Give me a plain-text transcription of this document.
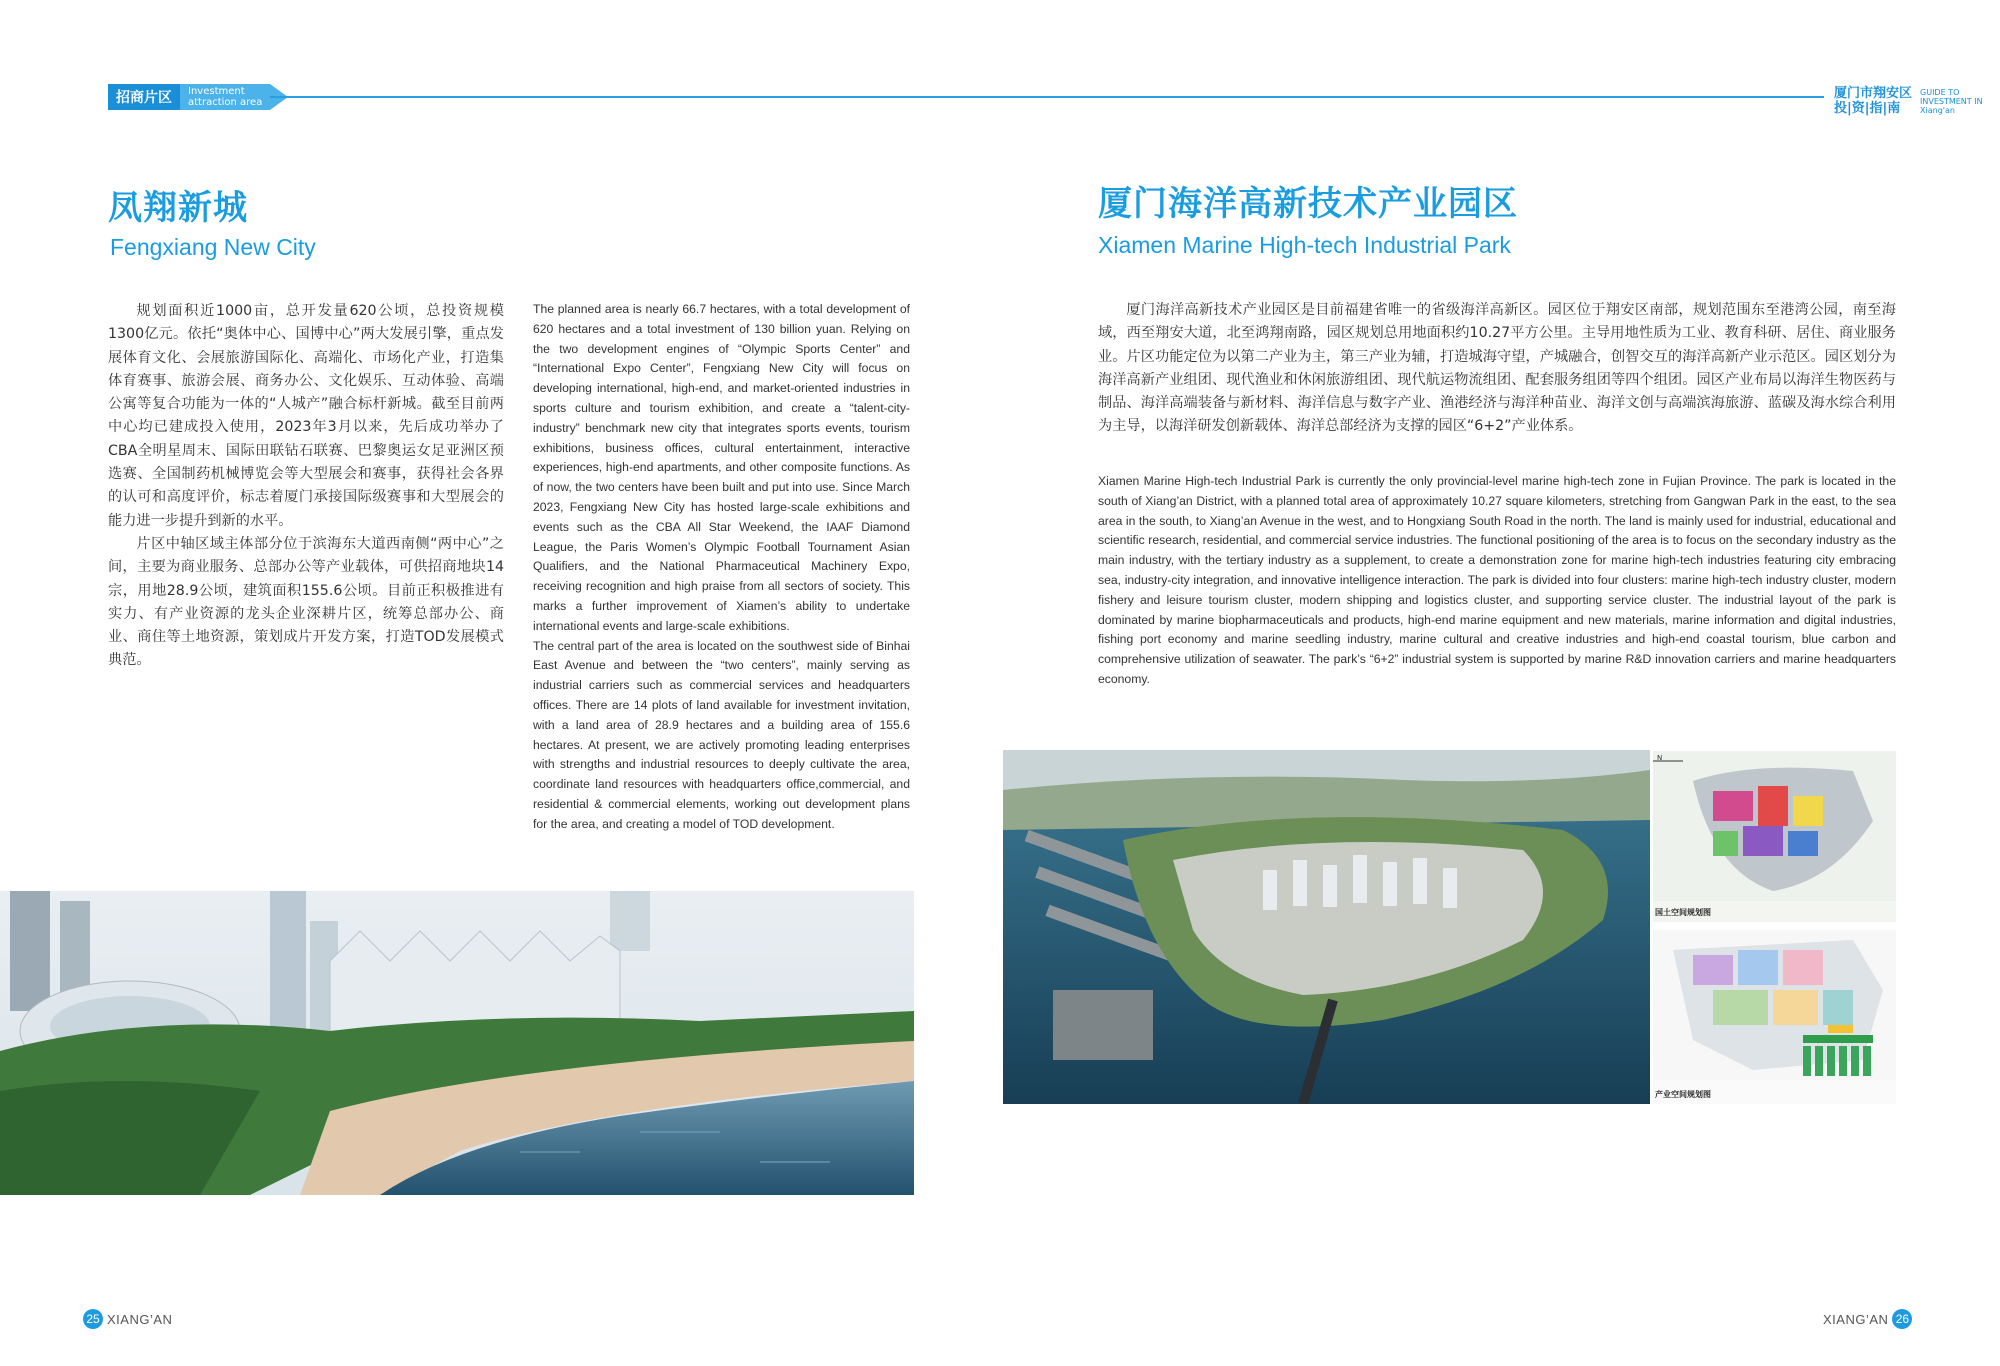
招商片区	Investment
attraction area
厦门市翔安区
投|资|指|南
GUIDE TO
INVESTMENT IN
Xiang'an
凤翔新城
Fengxiang New City

规划面积近1000亩，总开发量620公顷，总投资规模1300亿元。依托“奥体中心、国博中心”两大发展引擎，重点发展体育文化、会展旅游国际化、高端化、市场化产业，打造集体育赛事、旅游会展、商务办公、文化娱乐、互动体验、高端公寓等复合功能为一体的“人城产”融合标杆新城。截至目前两中心均已建成投入使用，2023年3月以来，先后成功举办了CBA全明星周末、国际田联钻石联赛、巴黎奥运女足亚洲区预选赛、全国制药机械博览会等大型展会和赛事，获得社会各界的认可和高度评价，标志着厦门承接国际级赛事和大型展会的能力进一步提升到新的水平。

片区中轴区域主体部分位于滨海东大道西南侧“两中心”之间，主要为商业服务、总部办公等产业载体，可供招商地块14宗，用地28.9公顷，建筑面积155.6公顷。目前正积极推进有实力、有产业资源的龙头企业深耕片区，统筹总部办公、商业、商住等土地资源，策划成片开发方案，打造TOD发展模式典范。

The planned area is nearly 66.7 hectares, with a total development of 620 hectares and a total investment of 130 billion yuan. Relying on the two development engines of “Olympic Sports Center” and “International Expo Center”, Fengxiang New City will focus on developing international, high-end, and market-oriented industries in sports culture and tourism exhibition, and create a “talent-city-industry” benchmark new city that integrates sports events, tourism exhibitions, business offices, cultural entertainment, interactive experiences, high-end apartments, and other composite functions. As of now, the two centers have been built and put into use. Since March 2023, Fengxiang New City has hosted large-scale exhibitions and events such as the CBA All Star Weekend, the IAAF Diamond League, the Paris Women’s Olympic Football Tournament Asian Qualifiers, and the National Pharmaceutical Machinery Expo, receiving recognition and high praise from all sectors of society. This marks a further improvement of Xiamen’s ability to undertake international events and large-scale exhibitions.

The central part of the area is located on the southwest side of Binhai East Avenue and between the “two centers”, mainly serving as industrial carriers such as commercial services and headquarters offices. There are 14 plots of land available for investment invitation, with a land area of 28.9 hectares and a building area of 155.6 hectares. At present, we are actively promoting leading enterprises with strengths and industrial resources to deeply cultivate the area, coordinate land resources with headquarters office,commercial, and residential & commercial elements, working out development plans for the area, and creating a model of TOD development.

厦门海洋高新技术产业园区
Xiamen Marine High-tech Industrial Park

厦门海洋高新技术产业园区是目前福建省唯一的省级海洋高新区。园区位于翔安区南部，规划范围东至港湾公园，南至海域，西至翔安大道，北至鸿翔南路，园区规划总用地面积约10.27平方公里。主导用地性质为工业、教育科研、居住、商业服务业。片区功能定位为以第二产业为主，第三产业为辅，打造城海守望，产城融合，创智交互的海洋高新产业示范区。园区划分为海洋高新产业组团、现代渔业和休闲旅游组团、现代航运物流组团、配套服务组团等四个组团。园区产业布局以海洋生物医药与制品、海洋高端装备与新材料、海洋信息与数字产业、渔港经济与海洋种苗业、海洋文创与高端滨海旅游、蓝碳及海水综合利用为主导，以海洋研发创新载体、海洋总部经济为支撑的园区“6+2”产业体系。

Xiamen Marine High-tech Industrial Park is currently the only provincial-level marine high-tech zone in Fujian Province. The park is located in the south of Xiang’an District, with a planned total area of approximately 10.27 square kilometers, stretching from Gangwan Park in the east, to the sea area in the south, to Xiang’an Avenue in the west, and to Hongxiang South Road in the north. The land is mainly used for industrial, educational and scientific research, residential, and commercial service industries. The functional positioning of the area is to focus on the secondary industry as the main industry, with the tertiary industry as a supplement, to create a demonstration zone for marine high-tech industries featuring city embracing sea, industry-city integration, and innovative intelligence interaction. The park is divided into four clusters: marine high-tech industry cluster, modern fishery and leisure tourism cluster, modern shipping and logistics cluster, and supporting service cluster. The industrial layout of the park is dominated by marine biopharmaceuticals and products, high-end marine equipment and new materials, marine information and digital industries, fishing port economy and marine seedling industry, marine cultural and creative industries and high-end coastal tourism, blue carbon and comprehensive utilization of seawater. The park’s “6+2” industrial system is supported by marine R&D innovation carriers and marine headquarters economy.
N
国土空间规划图
产业空间规划图
25 XIANG’AN	XIANG’AN 26
